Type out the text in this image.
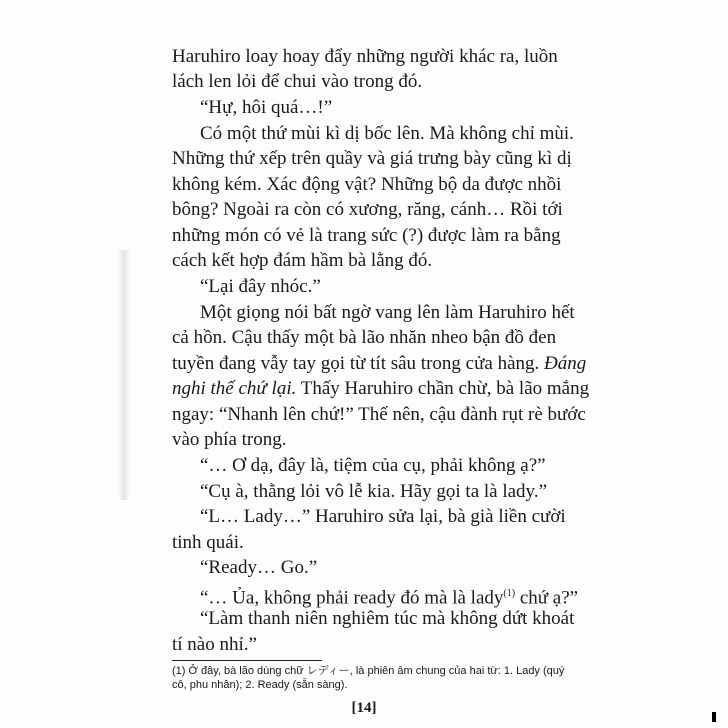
Haruhiro loay hoay đẩy những người khác ra, luồn
lách len lỏi để chui vào trong đó.
“Hự, hôi quá…!”
Có một thứ mùi kì dị bốc lên. Mà không chỉ mùi.
Những thứ xếp trên quầy và giá trưng bày cũng kì dị
không kém. Xác động vật? Những bộ da được nhồi
bông? Ngoài ra còn có xương, răng, cánh… Rồi tới
những món có vẻ là trang sức (?) được làm ra bằng
cách kết hợp đám hầm bà lằng đó.
“Lại đây nhóc.”
Một giọng nói bất ngờ vang lên làm Haruhiro hết
cả hồn. Cậu thấy một bà lão nhăn nheo bận đồ đen
tuyền đang vẫy tay gọi từ tít sâu trong cửa hàng. Đáng
nghi thế chứ lại. Thấy Haruhiro chần chừ, bà lão mắng
ngay: “Nhanh lên chứ!” Thế nên, cậu đành rụt rè bước
vào phía trong.
“… Ơ dạ, đây là, tiệm của cụ, phải không ạ?”
“Cụ à, thằng lỏi vô lễ kia. Hãy gọi ta là lady.”
“L… Lady…” Haruhiro sửa lại, bà già liền cười
tinh quái.
“Ready… Go.”
“… Ủa, không phải ready đó mà là lady$^{(1)}$ chứ ạ?”
“Làm thanh niên nghiêm túc mà không dứt khoát
tí nào nhỉ.”
(1) Ở đây, bà lão dùng chữ レディー, là phiên âm chung của hai từ: 1. Lady (quý
cô, phu nhân); 2. Ready (sẵn sàng).
[14]
